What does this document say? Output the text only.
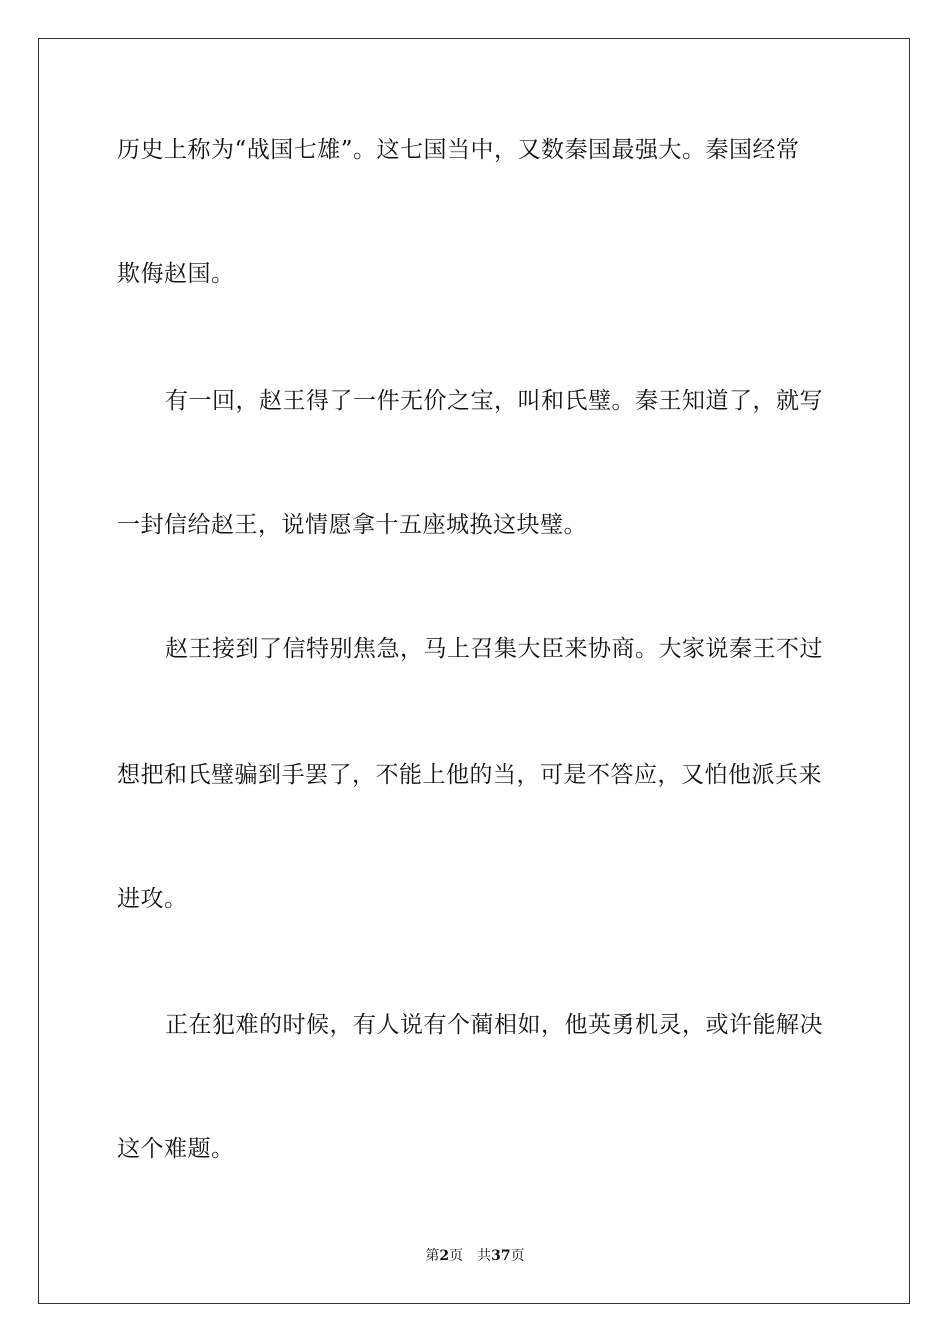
历史上称为“战国七雄”。这七国当中，又数秦国最强大。秦国经常
欺侮赵国。
有一回，赵王得了一件无价之宝，叫和氏璧。秦王知道了，就写
一封信给赵王，说情愿拿十五座城换这块璧。
赵王接到了信特别焦急，马上召集大臣来协商。大家说秦王不过
想把和氏璧骗到手罢了，不能上他的当，可是不答应，又怕他派兵来
进攻。
正在犯难的时候，有人说有个蔺相如，他英勇机灵，或许能解决
这个难题。
第2页 共37页
